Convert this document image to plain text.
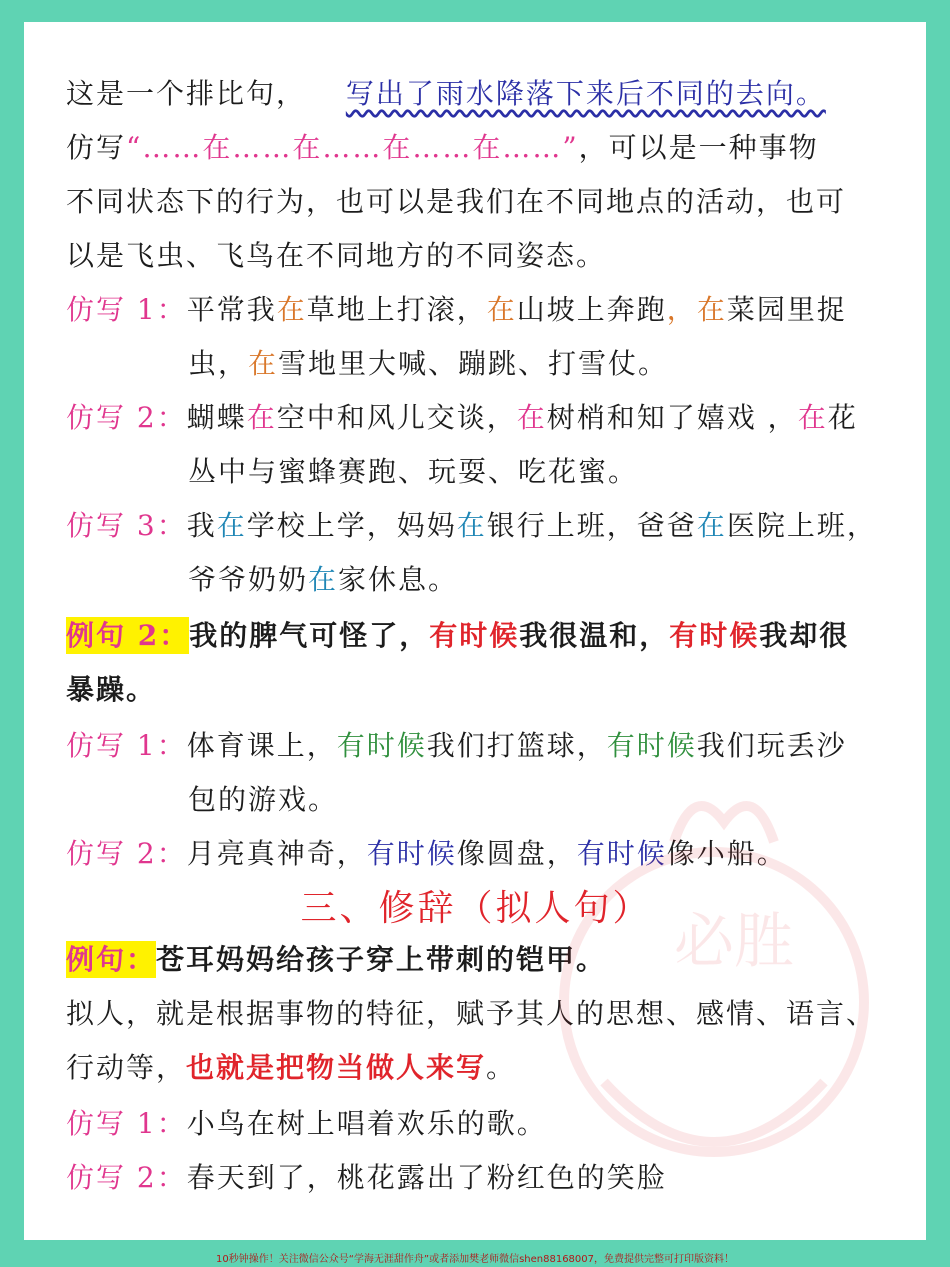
这是一个排比句， 写出了雨水降落下来后不同的去向。
仿写“……在……在……在……在……”，可以是一种事物
不同状态下的行为，也可以是我们在不同地点的活动，也可
以是飞虫、飞鸟在不同地方的不同姿态。
仿写 1：平常我在草地上打滚，在山坡上奔跑，在菜园里捉
虫，在雪地里大喊、蹦跳、打雪仗。
仿写 2：蝴蝶在空中和风儿交谈，在树梢和知了嬉戏 ，在花
丛中与蜜蜂赛跑、玩耍、吃花蜜。
仿写 3：我在学校上学，妈妈在银行上班，爸爸在医院上班，
爷爷奶奶在家休息。
例句 2：我的脾气可怪了，有时候我很温和，有时候我却很
暴躁。
仿写 1：体育课上，有时候我们打篮球，有时候我们玩丢沙
包的游戏。
仿写 2：月亮真神奇，有时候像圆盘，有时候像小船。
三、修辞（拟人句）
例句：苍耳妈妈给孩子穿上带刺的铠甲。
拟人，就是根据事物的特征，赋予其人的思想、感情、语言、
行动等，也就是把物当做人来写。
仿写 1：小鸟在树上唱着欢乐的歌。
仿写 2：春天到了，桃花露出了粉红色的笑脸
必胜
10秒钟操作！关注微信公众号“学海无涯甜作舟”或者添加樊老师微信shen88168007，免费提供完整可打印版资料！
